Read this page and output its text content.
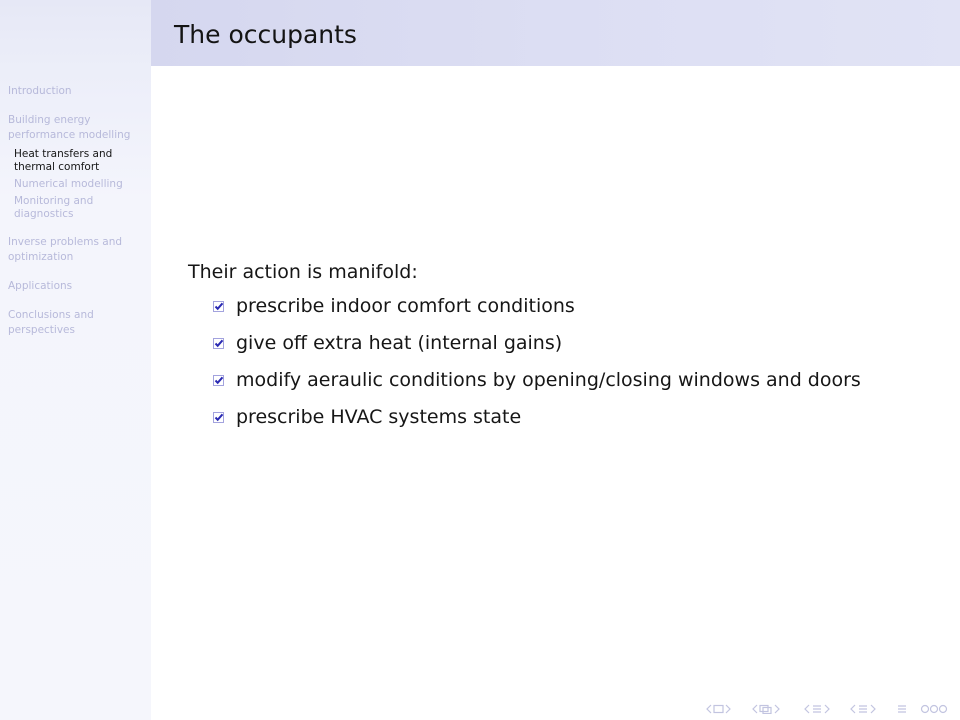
Introduction
Building energy performance modelling
Heat transfers and thermal comfort
Numerical modelling
Monitoring and diagnostics
Inverse problems and optimization
Applications
Conclusions and perspectives
The occupants

Their action is manifold:

prescribe indoor comfort conditions
give off extra heat (internal gains)
modify aeraulic conditions by opening/closing windows and doors
prescribe HVAC systems state
